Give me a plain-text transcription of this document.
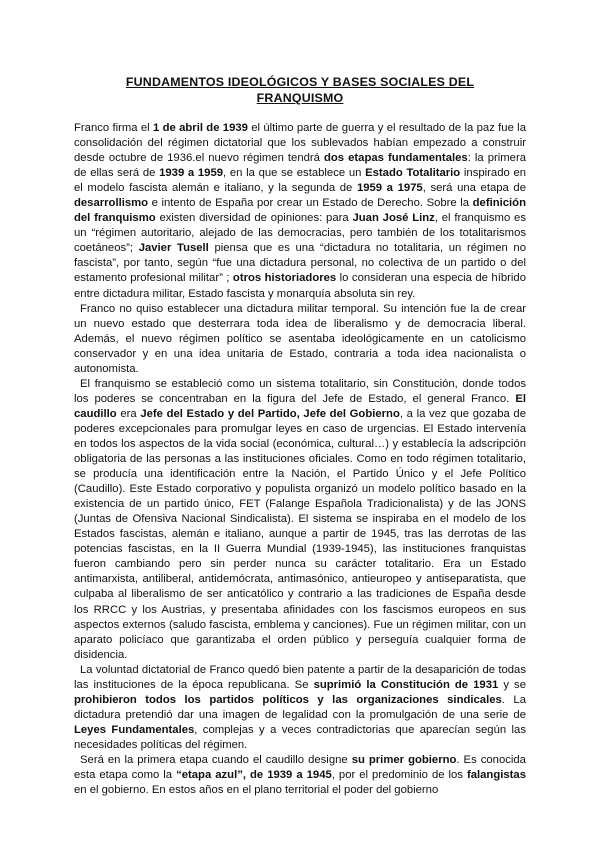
FUNDAMENTOS IDEOLÓGICOS Y BASES SOCIALES DEL
FRANQUISMO

Franco firma el 1 de abril de 1939 el último parte de guerra y el resultado de la paz fue la consolidación del régimen dictatorial que los sublevados habían empezado a construir desde octubre de 1936.el nuevo régimen tendrá dos etapas fundamentales: la primera de ellas será de 1939 a 1959, en la que se establece un Estado Totalitario inspirado en el modelo fascista alemán e italiano, y la segunda de 1959 a 1975, será una etapa de desarrollismo e intento de España por crear un Estado de Derecho. Sobre la definición del franquismo existen diversidad de opiniones: para Juan José Linz, el franquismo es un “régimen autoritario, alejado de las democracias, pero también de los totalitarismos coetáneos”; Javier Tusell piensa que es una “dictadura no totalitaria, un régimen no fascista”, por tanto, según “fue una dictadura personal, no colectiva de un partido o del estamento profesional militar” ; otros historiadores lo consideran una especia de híbrido entre dictadura militar, Estado fascista y monarquía absoluta sin rey.

Franco no quiso establecer una dictadura militar temporal. Su intención fue la de crear un nuevo estado que desterrara toda idea de liberalismo y de democracia liberal. Además, el nuevo régimen político se asentaba ideológicamente en un catolicismo conservador y en una idea unitaria de Estado, contraria a toda idea nacionalista o autonomista.

El franquismo se estableció como un sistema totalitario, sin Constitución, donde todos los poderes se concentraban en la figura del Jefe de Estado, el general Franco. El caudillo era Jefe del Estado y del Partido, Jefe del Gobierno, a la vez que gozaba de poderes excepcionales para promulgar leyes en caso de urgencias. El Estado intervenía en todos los aspectos de la vida social (económica, cultural…) y establecía la adscripción obligatoria de las personas a las instituciones oficiales. Como en todo régimen totalitario, se producía una identificación entre la Nación, el Partido Único y el Jefe Político (Caudillo). Este Estado corporativo y populista organizó un modelo político basado en la existencia de un partido único, FET (Falange Española Tradicionalista) y de las JONS (Juntas de Ofensiva Nacional Sindicalista). El sistema se inspiraba en el modelo de los Estados fascistas, alemán e italiano, aunque a partir de 1945, tras las derrotas de las potencias fascistas, en la II Guerra Mundial (1939-1945), las instituciones franquistas fueron cambiando pero sin perder nunca su carácter totalitario. Era un Estado antimarxista, antiliberal, antidemócrata, antimasónico, antieuropeo y antiseparatista, que culpaba al liberalismo de ser anticatólico y contrario a las tradiciones de España desde los RRCC y los Austrias, y presentaba afinidades con los fascismos europeos en sus aspectos externos (saludo fascista, emblema y canciones). Fue un régimen militar, con un aparato policíaco que garantizaba el orden público y perseguía cualquier forma de disidencia.

La voluntad dictatorial de Franco quedó bien patente a partir de la desaparición de todas las instituciones de la época republicana. Se suprimió la Constitución de 1931 y se prohibieron todos los partidos políticos y las organizaciones sindicales. La dictadura pretendió dar una imagen de legalidad con la promulgación de una serie de Leyes Fundamentales, complejas y a veces contradictorias que aparecían según las necesidades políticas del régimen.

Será en la primera etapa cuando el caudillo designe su primer gobierno. Es conocida esta etapa como la “etapa azul”, de 1939 a 1945, por el predominio de los falangistas en el gobierno. En estos años en el plano territorial el poder del gobierno
